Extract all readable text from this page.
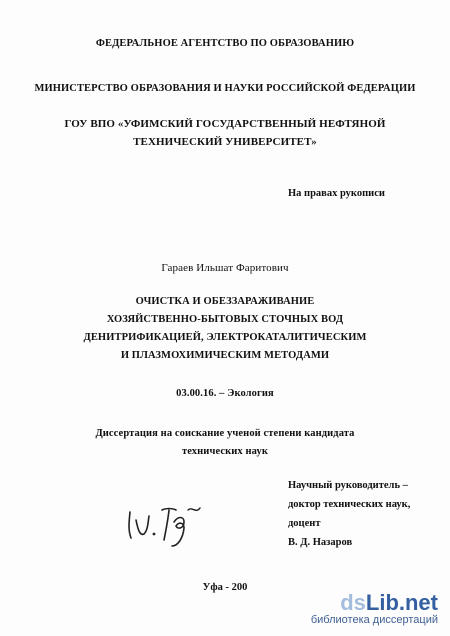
ФЕДЕРАЛЬНОЕ АГЕНТСТВО ПО ОБРАЗОВАНИЮ
МИНИСТЕРСТВО ОБРАЗОВАНИЯ И НАУКИ РОССИЙСКОЙ ФЕДЕРАЦИИ
ГОУ ВПО «УФИМСКИЙ ГОСУДАРСТВЕННЫЙ НЕФТЯНОЙ
ТЕХНИЧЕСКИЙ УНИВЕРСИТЕТ»
На правах рукописи
Гараев Ильшат Фаритович
ОЧИСТКА И ОБЕЗЗАРАЖИВАНИЕ
ХОЗЯЙСТВЕННО-БЫТОВЫХ СТОЧНЫХ ВОД
ДЕНИТРИФИКАЦИЕЙ, ЭЛЕКТРОКАТАЛИТИЧЕСКИМ
И ПЛАЗМОХИМИЧЕСКИМ МЕТОДАМИ
03.00.16. – Экология
Диссертация на соискание ученой степени кандидата
технических наук
Научный руководитель –
доктор технических наук,
доцент
В. Д. Назаров
Уфа - 200
dsLib.net
библиотека диссертаций
